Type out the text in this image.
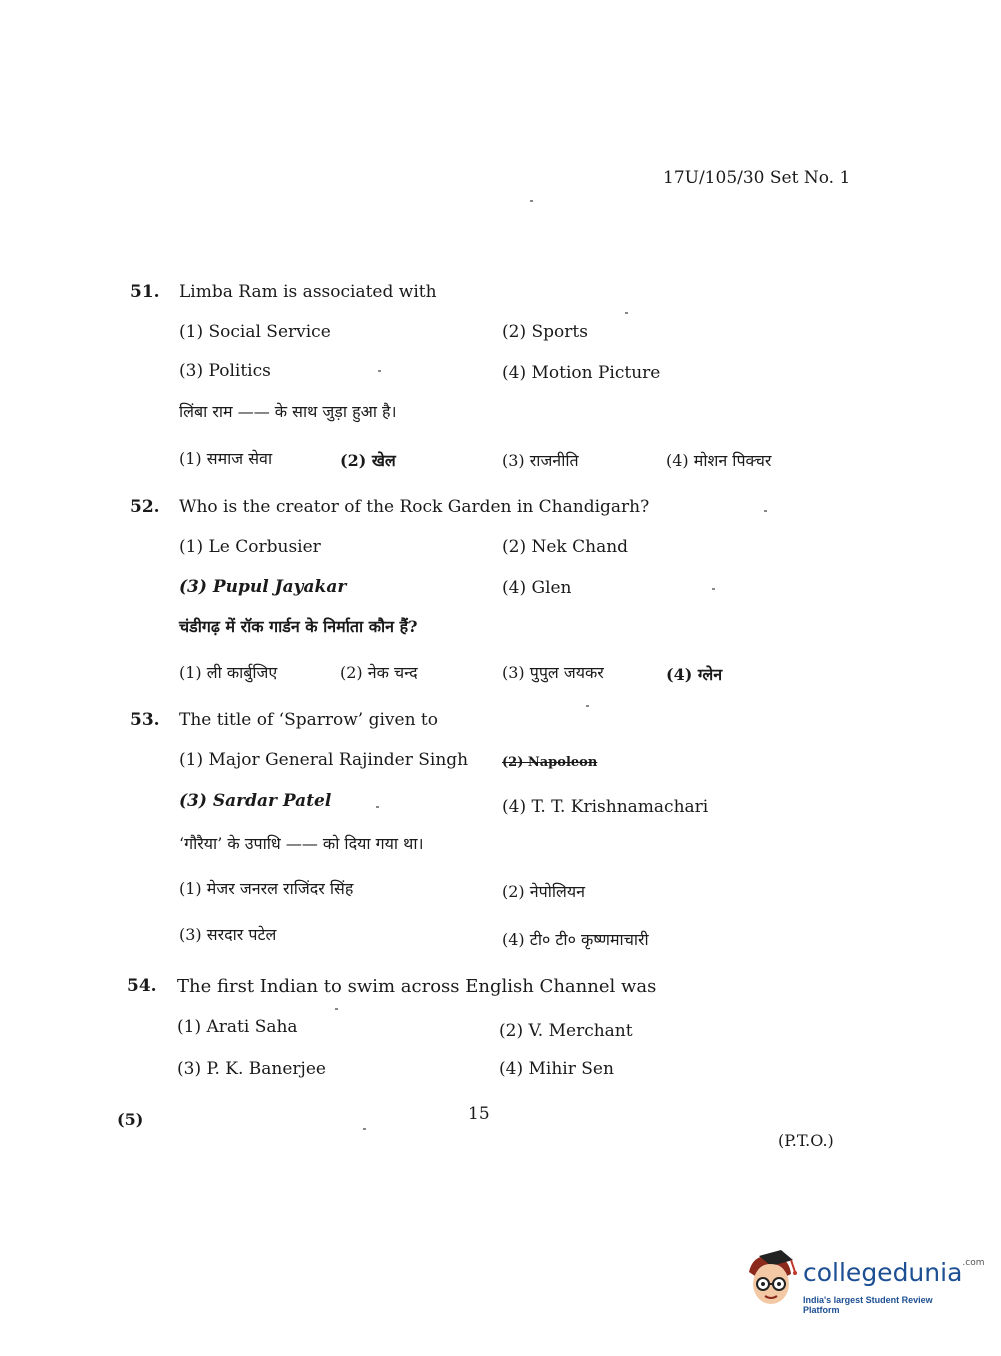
17U/105/30 Set No. 1
51. Limba Ram is associated with
(1) Social Service	(2) Sports
(3) Politics	(4) Motion Picture
लिंबा राम —— के साथ जुड़ा हुआ है।
(1) समाज सेवा	(2) खेल	(3) राजनीति	(4) मोशन पिक्चर
52. Who is the creator of the Rock Garden in Chandigarh?
(1) Le Corbusier	(2) Nek Chand
(3) Pupul Jayakar	(4) Glen
चंडीगढ़ में रॉक गार्डन के निर्माता कौन हैं?
(1) ली कार्बुजिए	(2) नेक चन्द	(3) पुपुल जयकर	(4) ग्लेन
53. The title of ‘Sparrow’ given to
(1) Major General Rajinder Singh	(2) Napoleon
(3) Sardar Patel	(4) T. T. Krishnamachari
‘गौरैया’ के उपाधि —— को दिया गया था।
(1) मेजर जनरल राजिंदर सिंह	(2) नेपोलियन
(3) सरदार पटेल	(4) टी० टी० कृष्णमाचारी
54. The first Indian to swim across English Channel was
(1) Arati Saha	(2) V. Merchant
(3) P. K. Banerjee	(4) Mihir Sen
(5)	15
(P.T.O.)
collegedunia$^{.com}$
India's largest Student Review Platform
